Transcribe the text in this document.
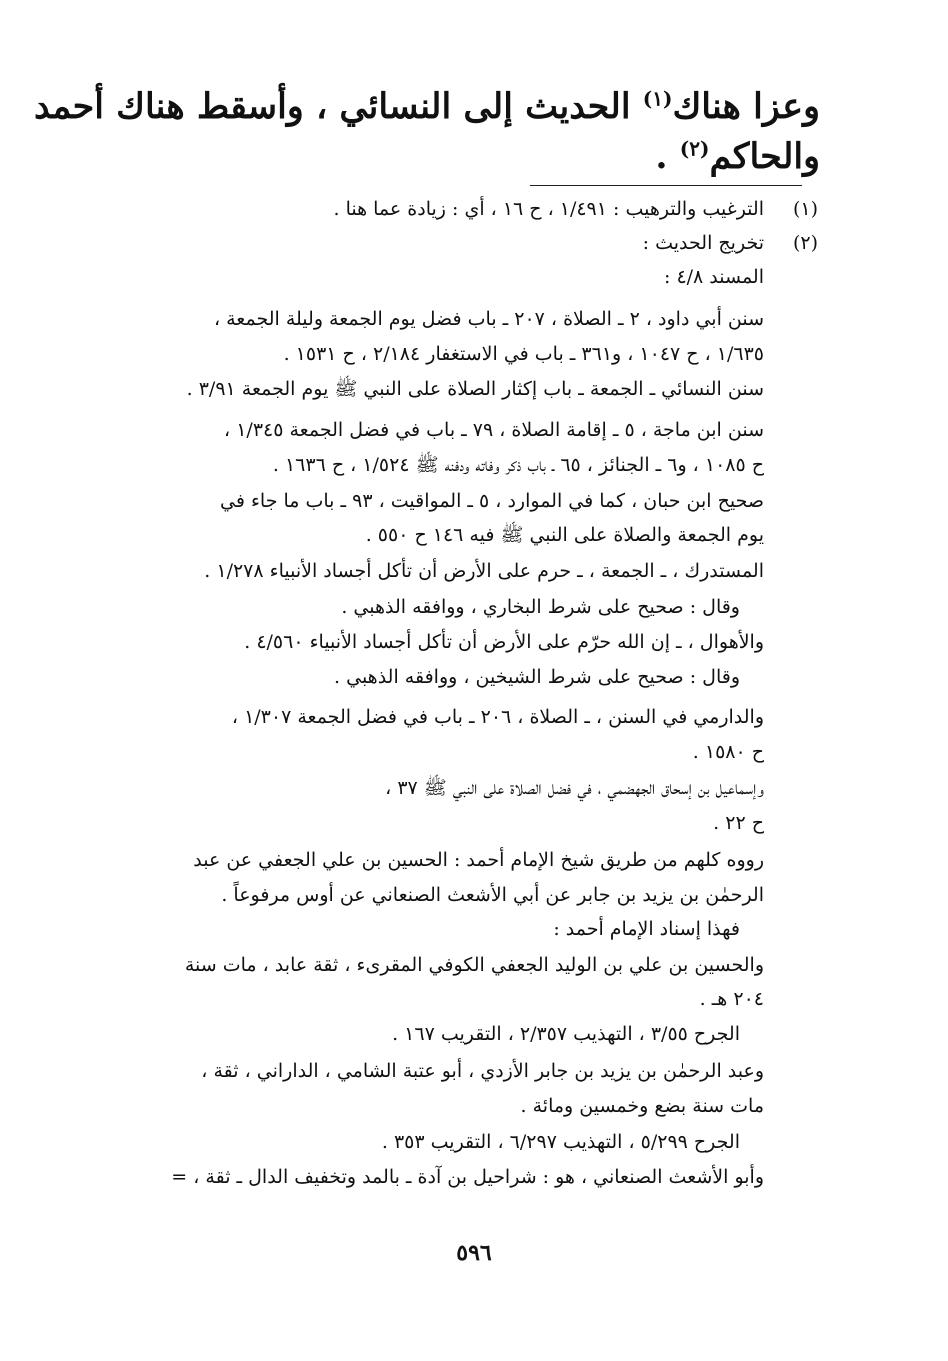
وعزا هناك$^{(١)}$ الحديث إلى النسائي ، وأسقط هناك أحمد
والحاكم$^{(٢)}$ .
(١)
الترغيب والترهيب : ١/٤٩١ ، ح ١٦ ، أي : زيادة عما هنا .
(٢)
تخريج الحديث :
المسند ٤/٨ :
سنن أبي داود ، ٢ ـ الصلاة ، ٢٠٧ ـ باب فضل يوم الجمعة وليلة الجمعة ،
١/٦٣٥ ، ح ١٠٤٧ ، و٣٦١ ـ باب في الاستغفار ٢/١٨٤ ، ح ١٥٣١ .
سنن النسائي ـ الجمعة ـ باب إكثار الصلاة على النبي ﷺ يوم الجمعة ٣/٩١ .
سنن ابن ماجة ، ٥ ـ إقامة الصلاة ، ٧٩ ـ باب في فضل الجمعة ١/٣٤٥ ،
ح ١٠٨٥ ، و٦ ـ الجنائز ، ٦٥ ـ باب ذكر وفاته ودفنه ﷺ ١/٥٢٤ ، ح ١٦٣٦ .
صحيح ابن حبان ، كما في الموارد ، ٥ ـ المواقيت ، ٩٣ ـ باب ما جاء في
يوم الجمعة والصلاة على النبي ﷺ فيه ١٤٦ ح ٥٥٠ .
المستدرك ، ـ الجمعة ، ـ حرم على الأرض أن تأكل أجساد الأنبياء ١/٢٧٨ .
وقال : صحيح على شرط البخاري ، ووافقه الذهبي .
والأهوال ، ـ إن الله حرّم على الأرض أن تأكل أجساد الأنبياء ٤/٥٦٠ .
وقال : صحيح على شرط الشيخين ، ووافقه الذهبي .
والدارمي في السنن ، ـ الصلاة ، ٢٠٦ ـ باب في فضل الجمعة ١/٣٠٧ ،
ح ١٥٨٠ .
وإسماعيل بن إسحاق الجهضمي ، في فضل الصلاة على النبي ﷺ ٣٧ ،
ح ٢٢ .
رووه كلهم من طريق شيخ الإمام أحمد : الحسين بن علي الجعفي عن عبد
الرحمٰن بن يزيد بن جابر عن أبي الأشعث الصنعاني عن أوس مرفوعاً .
فهذا إسناد الإمام أحمد :
والحسين بن علي بن الوليد الجعفي الكوفي المقرىء ، ثقة عابد ، مات سنة
٢٠٤ هـ .
الجرح ٣/٥٥ ، التهذيب ٢/٣٥٧ ، التقريب ١٦٧ .
وعبد الرحمٰن بن يزيد بن جابر الأزدي ، أبو عتبة الشامي ، الداراني ، ثقة ،
مات سنة بضع وخمسين ومائة .
الجرح ٥/٢٩٩ ، التهذيب ٦/٢٩٧ ، التقريب ٣٥٣ .
وأبو الأشعث الصنعاني ، هو : شراحيل بن آدة ـ بالمد وتخفيف الدال ـ ثقة ، =
٥٩٦
